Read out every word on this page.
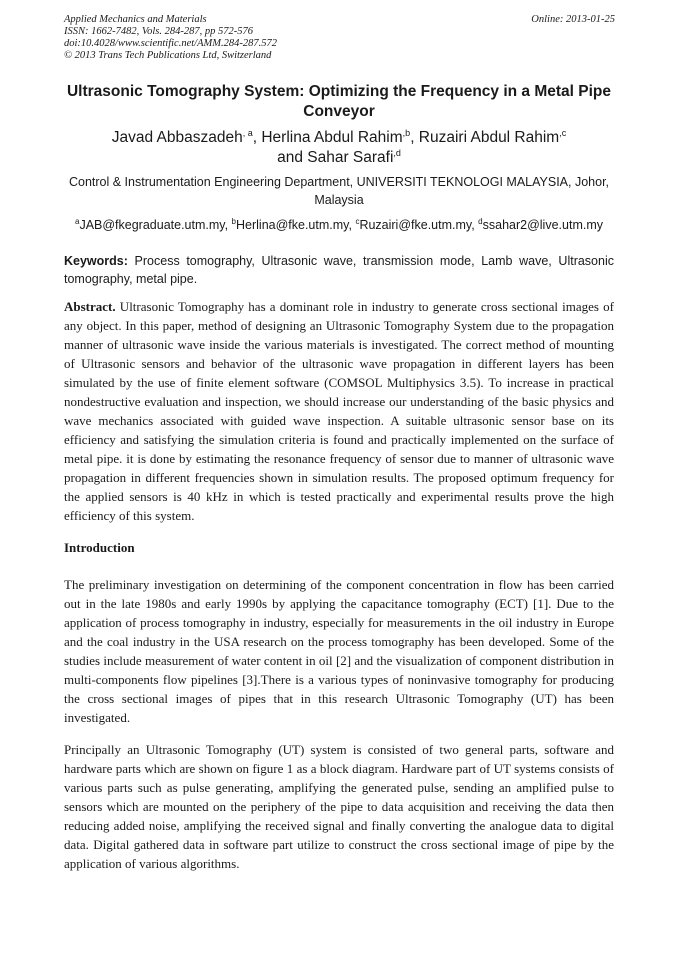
Applied Mechanics and Materials
ISSN: 1662-7482, Vols. 284-287, pp 572-576
doi:10.4028/www.scientific.net/AMM.284-287.572
© 2013 Trans Tech Publications Ltd, Switzerland
Online: 2013-01-25
Ultrasonic Tomography System: Optimizing the Frequency in a Metal Pipe Conveyor
Javad Abbaszadeh$^{, a}$, Herlina Abdul Rahim$^{,b}$, Ruzairi Abdul Rahim$^{,c}$
and Sahar Sarafi$^{,d}$
Control & Instrumentation Engineering Department, UNIVERSITI TEKNOLOGI MALAYSIA, Johor, Malaysia
$^a$JAB@fkegraduate.utm.my, $^b$Herlina@fke.utm.my, $^c$Ruzairi@fke.utm.my, $^d$ssahar2@live.utm.my
Keywords: Process tomography, Ultrasonic wave, transmission mode, Lamb wave, Ultrasonic tomography, metal pipe.
Abstract. Ultrasonic Tomography has a dominant role in industry to generate cross sectional images of any object. In this paper, method of designing an Ultrasonic Tomography System due to the propagation manner of ultrasonic wave inside the various materials is investigated. The correct method of mounting of Ultrasonic sensors and behavior of the ultrasonic wave propagation in different layers has been simulated by the use of finite element software (COMSOL Multiphysics 3.5). To increase in practical nondestructive evaluation and inspection, we should increase our understanding of the basic physics and wave mechanics associated with guided wave inspection. A suitable ultrasonic sensor base on its efficiency and satisfying the simulation criteria is found and practically implemented on the surface of metal pipe. it is done by estimating the resonance frequency of sensor due to manner of ultrasonic wave propagation in different frequencies shown in simulation results. The proposed optimum frequency for the applied sensors is 40 kHz in which is tested practically and experimental results prove the high efficiency of this system.
Introduction
The preliminary investigation on determining of the component concentration in flow has been carried out in the late 1980s and early 1990s by applying the capacitance tomography (ECT) [1]. Due to the application of process tomography in industry, especially for measurements in the oil industry in Europe and the coal industry in the USA research on the process tomography has been developed. Some of the studies include measurement of water content in oil [2] and the visualization of component distribution in multi-components flow pipelines [3].There is a various types of noninvasive tomography for producing the cross sectional images of pipes that in this research Ultrasonic Tomography (UT) has been investigated.
Principally an Ultrasonic Tomography (UT) system is consisted of two general parts, software and hardware parts which are shown on figure 1 as a block diagram. Hardware part of UT systems consists of various parts such as pulse generating, amplifying the generated pulse, sending an amplified pulse to sensors which are mounted on the periphery of the pipe to data acquisition and receiving the data then reducing added noise, amplifying the received signal and finally converting the analogue data to digital data. Digital gathered data in software part utilize to construct the cross sectional image of pipe by the application of various algorithms.
